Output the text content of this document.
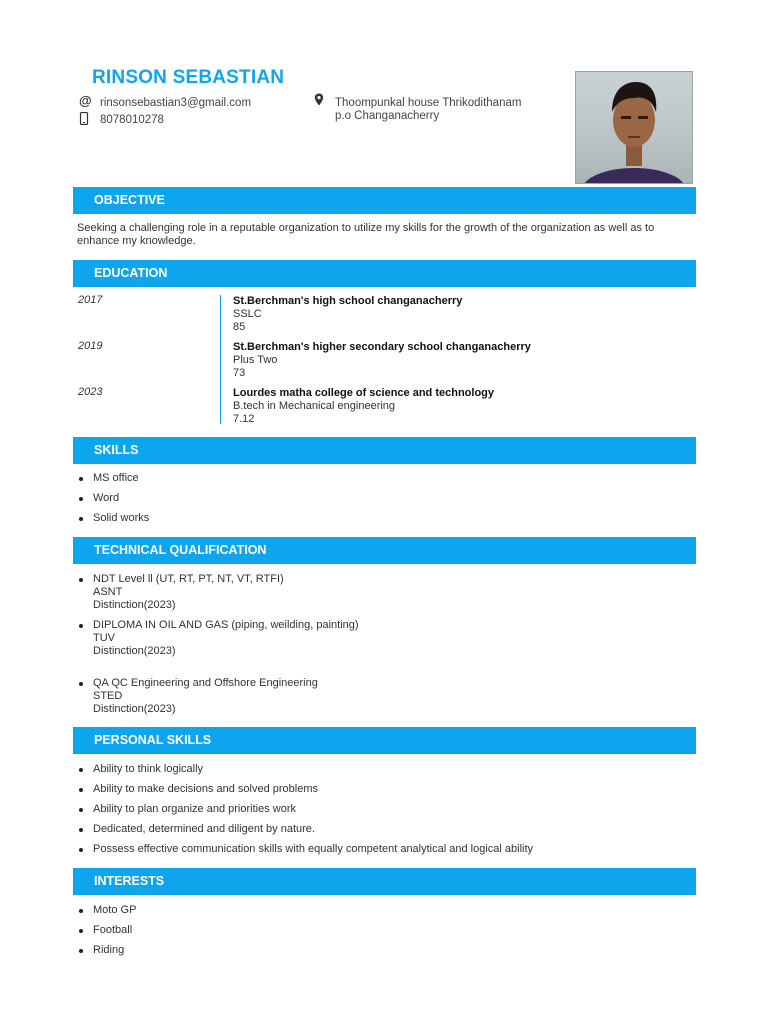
RINSON SEBASTIAN
@ rinsonsebastian3@gmail.com
8078010278
Thoompunkal house Thrikodithanam
p.o Changanacherry
OBJECTIVE
Seeking a challenging role in a reputable organization to utilize my skills for the growth of the organization as well as to
enhance my knowledge.
EDUCATION
2017	St.Berchman's high school changanacherry
SSLC
85
2019	St.Berchman's higher secondary school changanacherry
Plus Two
73
2023	Lourdes matha college of science and technology
B.tech in Mechanical engineering
7.12
SKILLS
MS office
Word
Solid works
TECHNICAL QUALIFICATION
NDT Level ll (UT, RT, PT, NT, VT, RTFI)
ASNT
Distinction(2023)
DIPLOMA IN OIL AND GAS (piping, weilding, painting)
TUV
Distinction(2023)
QA QC Engineering and Offshore Engineering
STED
Distinction(2023)
PERSONAL SKILLS
Ability to think logically
Ability to make decisions and solved problems
Ability to plan organize and priorities work
Dedicated, determined and diligent by nature.
Possess effective communication skills with equally competent analytical and logical ability
INTERESTS
Moto GP
Football
Riding
